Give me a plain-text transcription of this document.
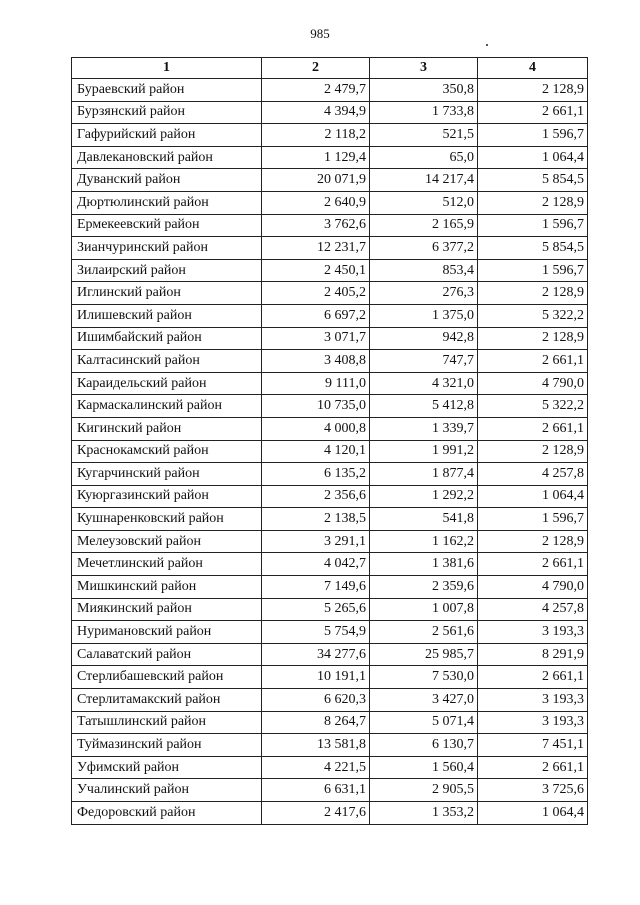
985
1	2	3	4
Бураевский район	2 479,7	350,8	2 128,9
Бурзянский район	4 394,9	1 733,8	2 661,1
Гафурийский район	2 118,2	521,5	1 596,7
Давлекановский район	1 129,4	65,0	1 064,4
Дуванский район	20 071,9	14 217,4	5 854,5
Дюртюлинский район	2 640,9	512,0	2 128,9
Ермекеевский район	3 762,6	2 165,9	1 596,7
Зианчуринский район	12 231,7	6 377,2	5 854,5
Зилаирский район	2 450,1	853,4	1 596,7
Иглинский район	2 405,2	276,3	2 128,9
Илишевский район	6 697,2	1 375,0	5 322,2
Ишимбайский район	3 071,7	942,8	2 128,9
Калтасинский район	3 408,8	747,7	2 661,1
Караидельский район	9 111,0	4 321,0	4 790,0
Кармаскалинский район	10 735,0	5 412,8	5 322,2
Кигинский район	4 000,8	1 339,7	2 661,1
Краснокамский район	4 120,1	1 991,2	2 128,9
Кугарчинский район	6 135,2	1 877,4	4 257,8
Куюргазинский район	2 356,6	1 292,2	1 064,4
Кушнаренковский район	2 138,5	541,8	1 596,7
Мелеузовский район	3 291,1	1 162,2	2 128,9
Мечетлинский район	4 042,7	1 381,6	2 661,1
Мишкинский район	7 149,6	2 359,6	4 790,0
Миякинский район	5 265,6	1 007,8	4 257,8
Нуримановский район	5 754,9	2 561,6	3 193,3
Салаватский район	34 277,6	25 985,7	8 291,9
Стерлибашевский район	10 191,1	7 530,0	2 661,1
Стерлитамакский район	6 620,3	3 427,0	3 193,3
Татышлинский район	8 264,7	5 071,4	3 193,3
Туймазинский район	13 581,8	6 130,7	7 451,1
Уфимский район	4 221,5	1 560,4	2 661,1
Учалинский район	6 631,1	2 905,5	3 725,6
Федоровский район	2 417,6	1 353,2	1 064,4
